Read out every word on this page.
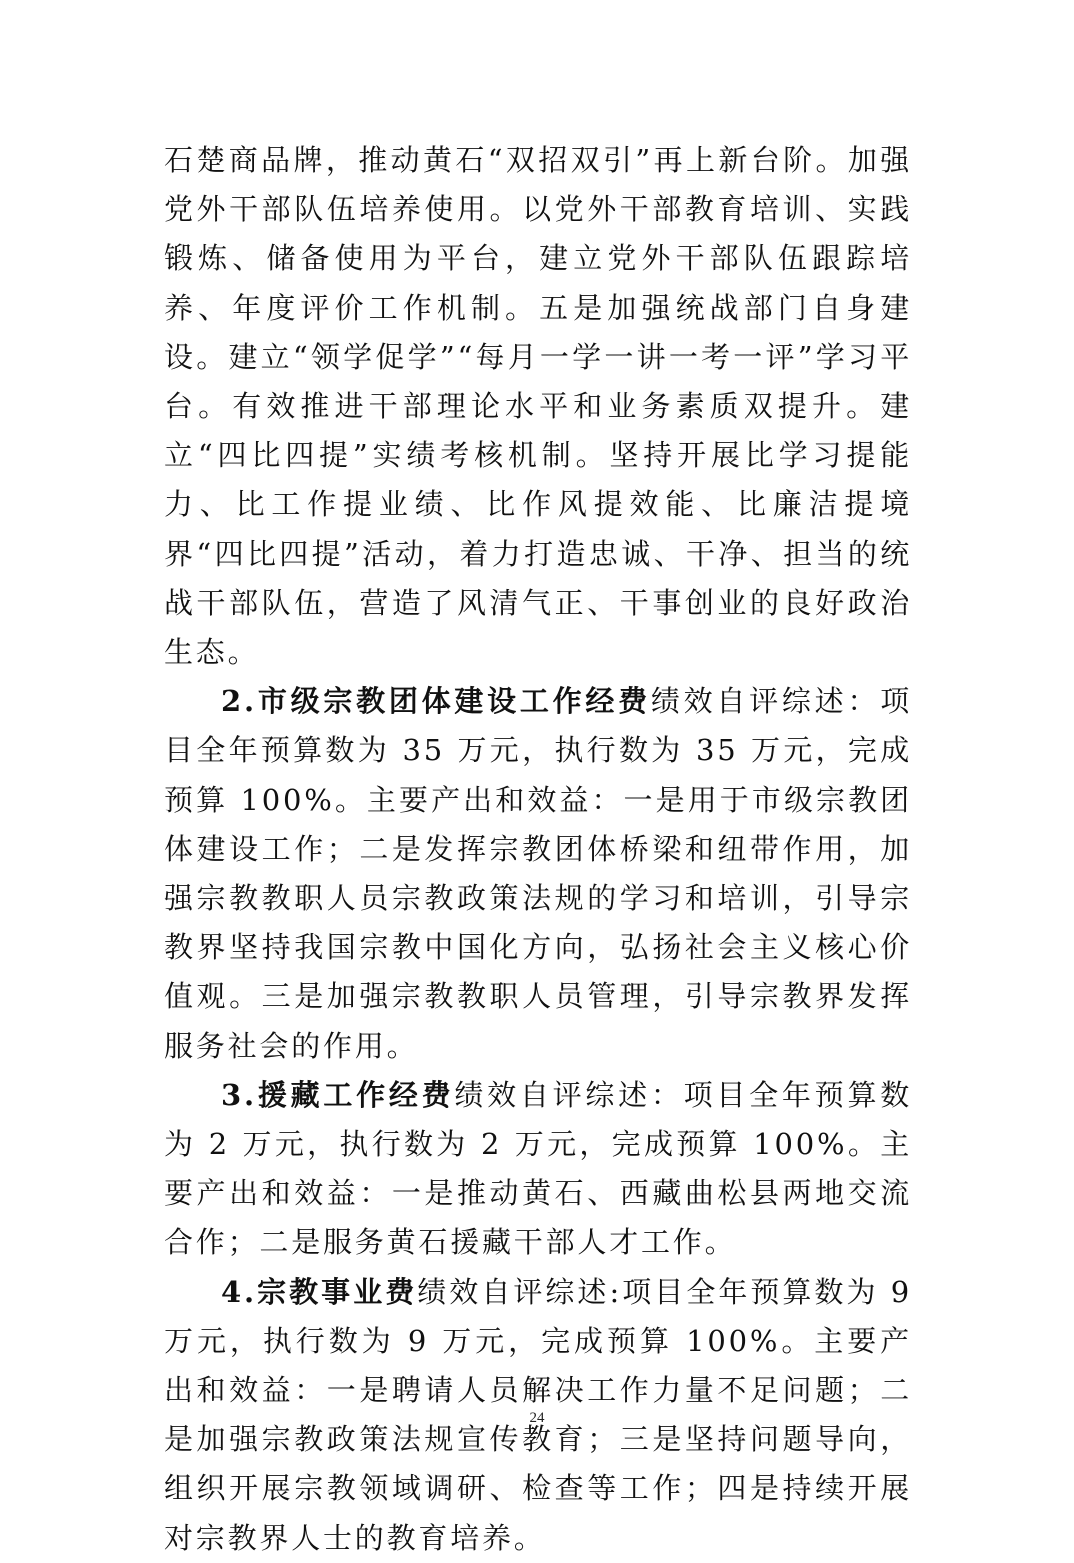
石楚商品牌，推动黄石“双招双引”再上新台阶。加强党外干部队伍培养使用。以党外干部教育培训、实践锻炼、储备使用为平台，建立党外干部队伍跟踪培养、年度评价工作机制。五是加强统战部门自身建设。建立“领学促学”“每月一学一讲一考一评”学习平台。有效推进干部理论水平和业务素质双提升。建立“四比四提”实绩考核机制。坚持开展比学习提能力、比工作提业绩、比作风提效能、比廉洁提境界“四比四提”活动，着力打造忠诚、干净、担当的统战干部队伍，营造了风清气正、干事创业的良好政治生态。

2.市级宗教团体建设工作经费绩效自评综述：项目全年预算数为 35 万元，执行数为 35 万元，完成预算 100%。主要产出和效益：一是用于市级宗教团体建设工作；二是发挥宗教团体桥梁和纽带作用，加强宗教教职人员宗教政策法规的学习和培训，引导宗教界坚持我国宗教中国化方向，弘扬社会主义核心价值观。三是加强宗教教职人员管理，引导宗教界发挥服务社会的作用。

3.援藏工作经费绩效自评综述：项目全年预算数为 2 万元，执行数为 2 万元，完成预算 100%。主要产出和效益：一是推动黄石、西藏曲松县两地交流合作；二是服务黄石援藏干部人才工作。

4.宗教事业费绩效自评综述:项目全年预算数为 9 万元，执行数为 9 万元，完成预算 100%。主要产出和效益：一是聘请人员解决工作力量不足问题；二是加强宗教政策法规宣传教育；三是坚持问题导向，组织开展宗教领域调研、检查等工作；四是持续开展对宗教界人士的教育培养。

24
